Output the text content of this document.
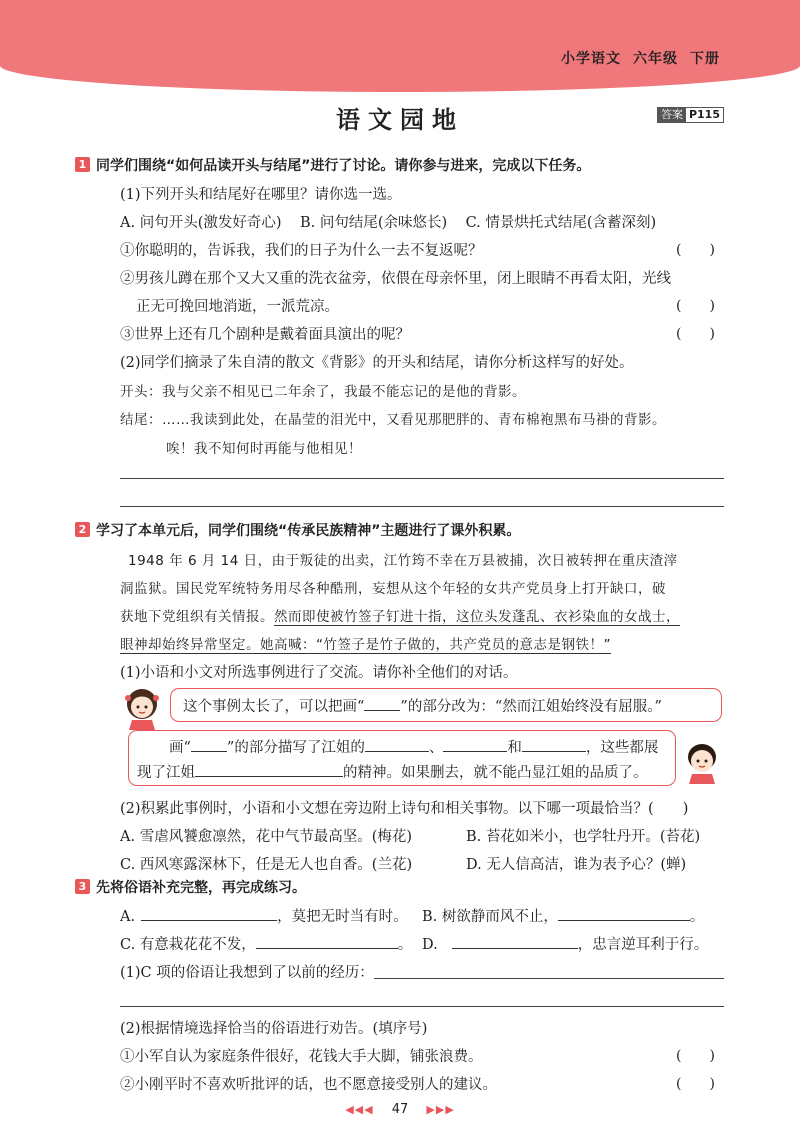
小学语文 六年级 下册
语文园地	答案 P115
1 同学们围绕“如何品读开头与结尾”进行了讨论。请你参与进来，完成以下任务。
(1)下列开头和结尾好在哪里？请你选一选。
A. 问句开头(激发好奇心)    B. 问句结尾(余味悠长)    C. 情景烘托式结尾(含蓄深刻)
①你聪明的，告诉我，我们的日子为什么一去不复返呢？	(　　)
②男孩儿蹲在那个又大又重的洗衣盆旁，依偎在母亲怀里，闭上眼睛不再看太阳，光线
正无可挽回地消逝，一派荒凉。	(　　)
③世界上还有几个剧种是戴着面具演出的呢？	(　　)
(2)同学们摘录了朱自清的散文《背影》的开头和结尾，请你分析这样写的好处。
开头：我与父亲不相见已二年余了，我最不能忘记的是他的背影。
结尾：……我读到此处，在晶莹的泪光中，又看见那肥胖的、青布棉袍黑布马褂的背影。
唉！我不知何时再能与他相见！
2 学习了本单元后，同学们围绕“传承民族精神”主题进行了课外积累。
1948 年 6 月 14 日，由于叛徒的出卖，江竹筠不幸在万县被捕，次日被转押在重庆渣滓
洞监狱。国民党军统特务用尽各种酷刑，妄想从这个年轻的女共产党员身上打开缺口，破
获地下党组织有关情报。然而即使被竹签子钉进十指，这位头发蓬乱、衣衫染血的女战士，
眼神却始终异常坚定。她高喊：“竹签子是竹子做的，共产党员的意志是钢铁！”
(1)小语和小文对所选事例进行了交流。请你补全他们的对话。
这个事例太长了，可以把画“ ”的部分改为：“然而江姐始终没有屈服。”
画“ ”的部分描写了江姐的	、	和	，这些都展
现了江姐	的精神。如果删去，就不能凸显江姐的品质了。
(2)积累此事例时，小语和小文想在旁边附上诗句和相关事物。以下哪一项最恰当？(　　)
A. 雪虐风饕愈凛然，花中气节最高坚。(梅花)	B. 苔花如米小，也学牡丹开。(苔花)
C. 西风寒露深林下，任是无人也自香。(兰花)	D. 无人信高洁，谁为表予心？(蝉)
3 先将俗语补充完整，再完成练习。
A.	，莫把无时当有时。 B. 树欲静而风不止，	。
C. 有意栽花花不发，	。 D.	，忠言逆耳利于行。
(1)C 项的俗语让我想到了以前的经历：
(2)根据情境选择恰当的俗语进行劝告。(填序号)
①小军自认为家庭条件很好，花钱大手大脚，铺张浪费。	(　　)
②小刚平时不喜欢听批评的话，也不愿意接受别人的建议。	(　　)
◀◀◀ 47 ▶▶▶
